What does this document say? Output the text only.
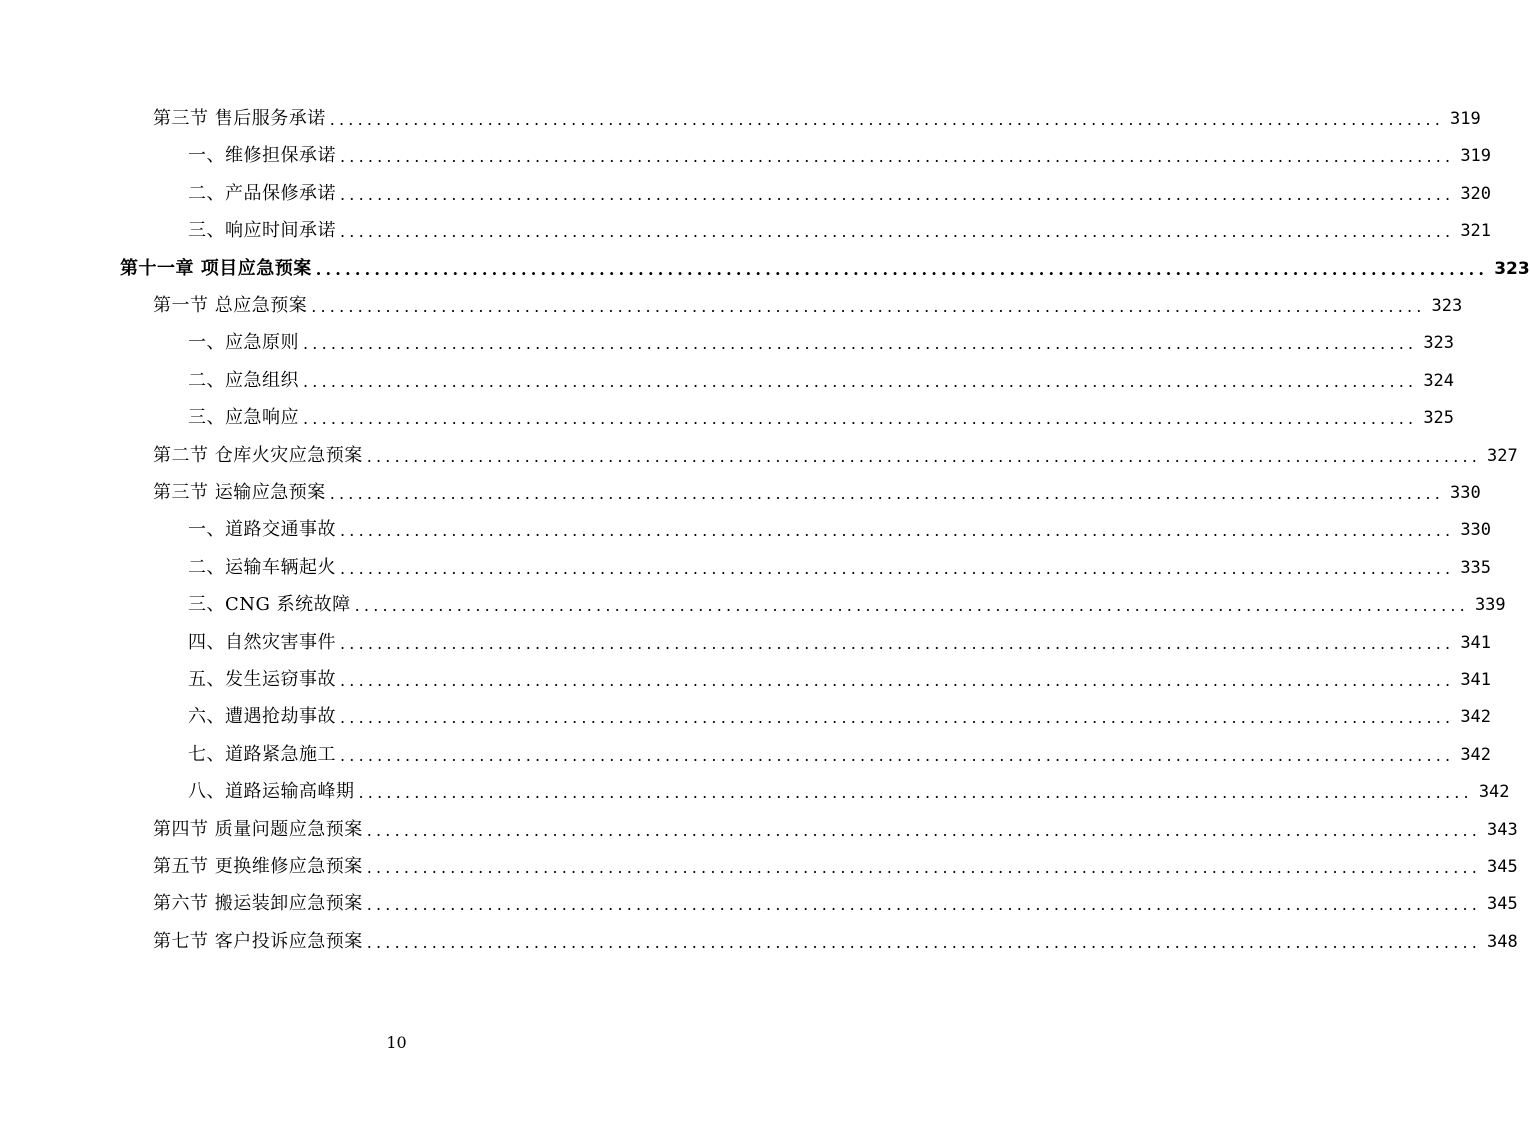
第三节 售后服务承诺 ........................................................................................................................ 319
一、维修担保承诺 ........................................................................................................................ 319
二、产品保修承诺 ........................................................................................................................ 320
三、响应时间承诺 ........................................................................................................................ 321
第十一章 项目应急预案 ........................................................................................................................ 323
第一节 总应急预案 ........................................................................................................................ 323
一、应急原则 ........................................................................................................................ 323
二、应急组织 ........................................................................................................................ 324
三、应急响应 ........................................................................................................................ 325
第二节 仓库火灾应急预案 ........................................................................................................................ 327
第三节 运输应急预案 ........................................................................................................................ 330
一、道路交通事故 ........................................................................................................................ 330
二、运输车辆起火 ........................................................................................................................ 335
三、CNG 系统故障 ........................................................................................................................ 339
四、自然灾害事件 ........................................................................................................................ 341
五、发生运窃事故 ........................................................................................................................ 341
六、遭遇抢劫事故 ........................................................................................................................ 342
七、道路紧急施工 ........................................................................................................................ 342
八、道路运输高峰期 ........................................................................................................................ 342
第四节 质量问题应急预案 ........................................................................................................................ 343
第五节 更换维修应急预案 ........................................................................................................................ 345
第六节 搬运装卸应急预案 ........................................................................................................................ 345
第七节 客户投诉应急预案 ........................................................................................................................ 348
10
